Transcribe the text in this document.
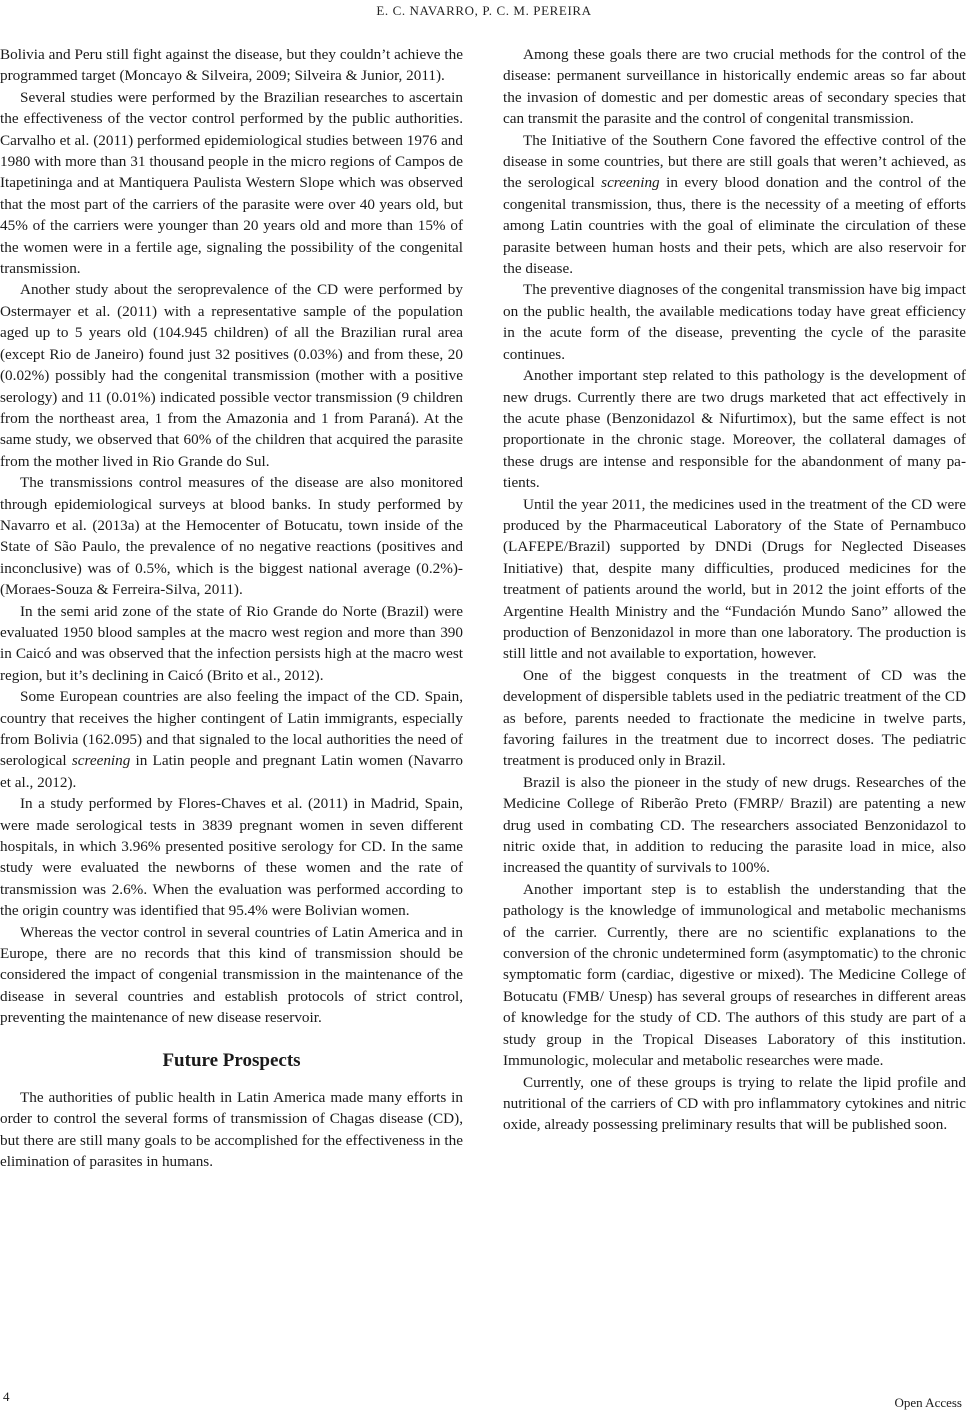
E. C. NAVARRO, P. C. M. PEREIRA

Bolivia and Peru still fight against the disease, but they couldn’t achieve the programmed target (Moncayo & Silveira, 2009; Silveira & Junior, 2011).

Several studies were performed by the Brazilian researches to ascertain the effectiveness of the vector control performed by the public authorities. Carvalho et al. (2011) performed epidemiological studies between 1976 and 1980 with more than 31 thousand people in the micro regions of Campos de Itapetininga and at Mantiquera Paulista Western Slope which was observed that the most part of the carriers of the parasite were over 40 years old, but 45% of the carriers were younger than 20 years old and more than 15% of the women were in a fertile age, signaling the possibility of the congenital transmission.

Another study about the seroprevalence of the CD were performed by Ostermayer et al. (2011) with a representative sample of the population aged up to 5 years old (104.945 children) of all the Brazilian rural area (except Rio de Janeiro) found just 32 positives (0.03%) and from these, 20 (0.02%) possibly had the congenital transmission (mother with a positive serology) and 11 (0.01%) indicated possible vector transmission (9 children from the northeast area, 1 from the Amazonia and 1 from Paraná). At the same study, we observed that 60% of the children that acquired the parasite from the mother lived in Rio Grande do Sul.

The transmissions control measures of the disease are also monitored through epidemiological surveys at blood banks. In study performed by Navarro et al. (2013a) at the Hemocenter of Botucatu, town inside of the State of São Paulo, the prevalence of no negative reactions (positives and inconclusive) was of 0.5%, which is the biggest national average (0.2%)-(Moraes-Souza & Ferreira-Silva, 2011).

In the semi arid zone of the state of Rio Grande do Norte (Brazil) were evaluated 1950 blood samples at the macro west region and more than 390 in Caicó and was observed that the infection persists high at the macro west region, but it’s declining in Caicó (Brito et al., 2012).

Some European countries are also feeling the impact of the CD. Spain, country that receives the higher contingent of Latin immigrants, especially from Bolivia (162.095) and that signaled to the local authorities the need of serological screening in Latin people and pregnant Latin women (Navarro et al., 2012).

In a study performed by Flores-Chaves et al. (2011) in Madrid, Spain, were made serological tests in 3839 pregnant women in seven different hospitals, in which 3.96% presented positive serology for CD. In the same study were evaluated the newborns of these women and the rate of transmission was 2.6%. When the evaluation was performed according to the origin country was identified that 95.4% were Bolivian women.

Whereas the vector control in several countries of Latin America and in Europe, there are no records that this kind of transmission should be considered the impact of congenial transmission in the maintenance of the disease in several countries and establish protocols of strict control, preventing the maintenance of new disease reservoir.

Future Prospects

The authorities of public health in Latin America made many efforts in order to control the several forms of transmission of Chagas disease (CD), but there are still many goals to be accomplished for the effectiveness in the elimination of parasites in humans.

Among these goals there are two crucial methods for the control of the disease: permanent surveillance in historically endemic areas so far about the invasion of domestic and per domestic areas of secondary species that can transmit the parasite and the control of congenital transmission.

The Initiative of the Southern Cone favored the effective control of the disease in some countries, but there are still goals that weren’t achieved, as the serological screening in every blood donation and the control of the congenital transmission, thus, there is the necessity of a meeting of efforts among Latin countries with the goal of eliminate the circulation of these parasite between human hosts and their pets, which are also reservoir for the disease.

The preventive diagnoses of the congenital transmission have big impact on the public health, the available medications today have great efficiency in the acute form of the disease, preventing the cycle of the parasite continues.

Another important step related to this pathology is the development of new drugs. Currently there are two drugs marketed that act effectively in the acute phase (Benzonidazol & Nifurtimox), but the same effect is not proportionate in the chronic stage. Moreover, the collateral damages of these drugs are intense and responsible for the abandonment of many patients.

Until the year 2011, the medicines used in the treatment of the CD were produced by the Pharmaceutical Laboratory of the State of Pernambuco (LAFEPE/Brazil) supported by DNDi (Drugs for Neglected Diseases Initiative) that, despite many difficulties, produced medicines for the treatment of patients around the world, but in 2012 the joint efforts of the Argentine Health Ministry and the “Fundación Mundo Sano” allowed the production of Benzonidazol in more than one laboratory. The production is still little and not available to exportation, however.

One of the biggest conquests in the treatment of CD was the development of dispersible tablets used in the pediatric treatment of the CD as before, parents needed to fractionate the medicine in twelve parts, favoring failures in the treatment due to incorrect doses. The pediatric treatment is produced only in Brazil.

Brazil is also the pioneer in the study of new drugs. Researches of the Medicine College of Riberão Preto (FMRP/ Brazil) are patenting a new drug used in combating CD. The researchers associated Benzonidazol to nitric oxide that, in addition to reducing the parasite load in mice, also increased the quantity of survivals to 100%.

Another important step is to establish the understanding that the pathology is the knowledge of immunological and metabolic mechanisms of the carrier. Currently, there are no scientific explanations to the conversion of the chronic undetermined form (asymptomatic) to the chronic symptomatic form (cardiac, digestive or mixed). The Medicine College of Botucatu (FMB/ Unesp) has several groups of researches in different areas of knowledge for the study of CD. The authors of this study are part of a study group in the Tropical Diseases Laboratory of this institution. Immunologic, molecular and metabolic researches were made.

Currently, one of these groups is trying to relate the lipid profile and nutritional of the carriers of CD with pro inflammatory cytokines and nitric oxide, already possessing preliminary results that will be published soon.

4	Open Access
